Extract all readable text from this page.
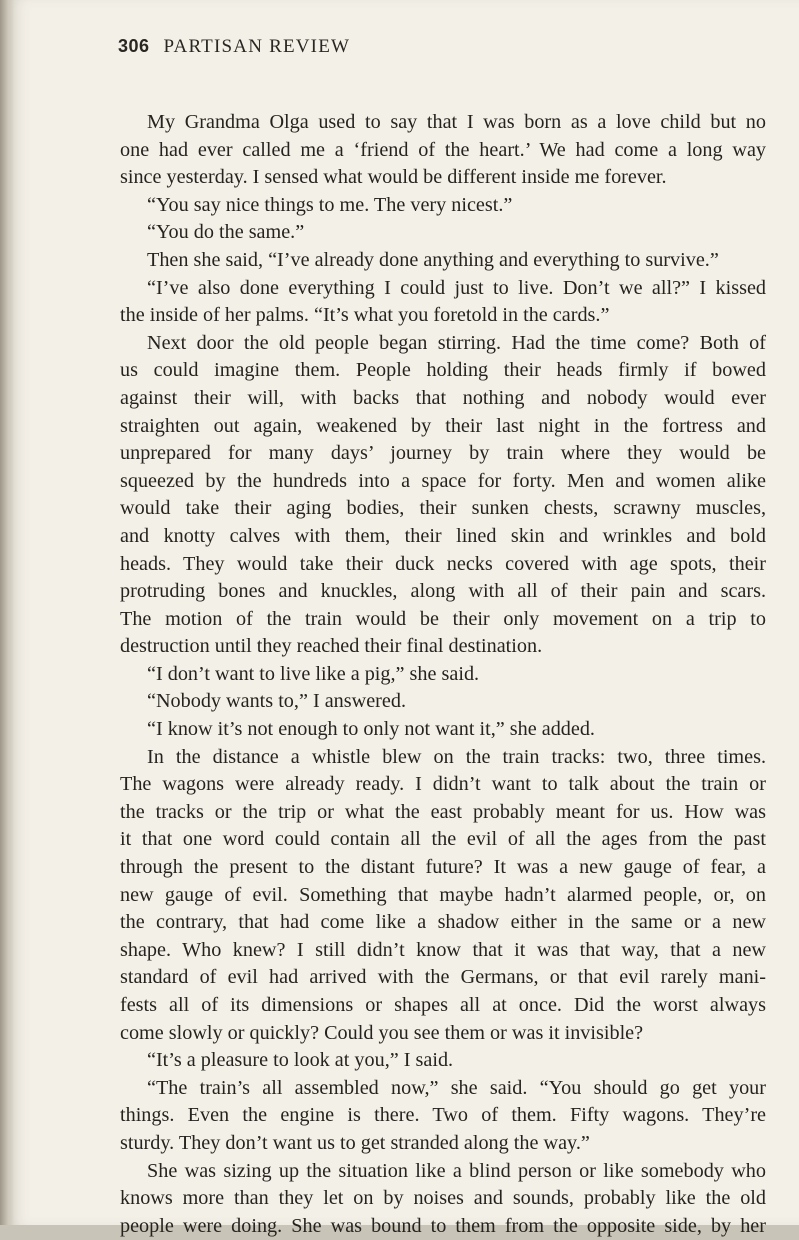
306 PARTISAN REVIEW
My Grandma Olga used to say that I was born as a love child but no
one had ever called me a ‘friend of the heart.’ We had come a long way
since yesterday. I sensed what would be different inside me forever.
“You say nice things to me. The very nicest.”
“You do the same.”
Then she said, “I’ve already done anything and everything to survive.”
“I’ve also done everything I could just to live. Don’t we all?” I kissed
the inside of her palms. “It’s what you foretold in the cards.”
Next door the old people began stirring. Had the time come? Both of
us could imagine them. People holding their heads firmly if bowed
against their will, with backs that nothing and nobody would ever
straighten out again, weakened by their last night in the fortress and
unprepared for many days’ journey by train where they would be
squeezed by the hundreds into a space for forty. Men and women alike
would take their aging bodies, their sunken chests, scrawny muscles,
and knotty calves with them, their lined skin and wrinkles and bold
heads. They would take their duck necks covered with age spots, their
protruding bones and knuckles, along with all of their pain and scars.
The motion of the train would be their only movement on a trip to
destruction until they reached their final destination.
“I don’t want to live like a pig,” she said.
“Nobody wants to,” I answered.
“I know it’s not enough to only not want it,” she added.
In the distance a whistle blew on the train tracks: two, three times.
The wagons were already ready. I didn’t want to talk about the train or
the tracks or the trip or what the east probably meant for us. How was
it that one word could contain all the evil of all the ages from the past
through the present to the distant future? It was a new gauge of fear, a
new gauge of evil. Something that maybe hadn’t alarmed people, or, on
the contrary, that had come like a shadow either in the same or a new
shape. Who knew? I still didn’t know that it was that way, that a new
standard of evil had arrived with the Germans, or that evil rarely mani-
fests all of its dimensions or shapes all at once. Did the worst always
come slowly or quickly? Could you see them or was it invisible?
“It’s a pleasure to look at you,” I said.
“The train’s all assembled now,” she said. “You should go get your
things. Even the engine is there. Two of them. Fifty wagons. They’re
sturdy. They don’t want us to get stranded along the way.”
She was sizing up the situation like a blind person or like somebody who
knows more than they let on by noises and sounds, probably like the old
people were doing. She was bound to them from the opposite side, by her
